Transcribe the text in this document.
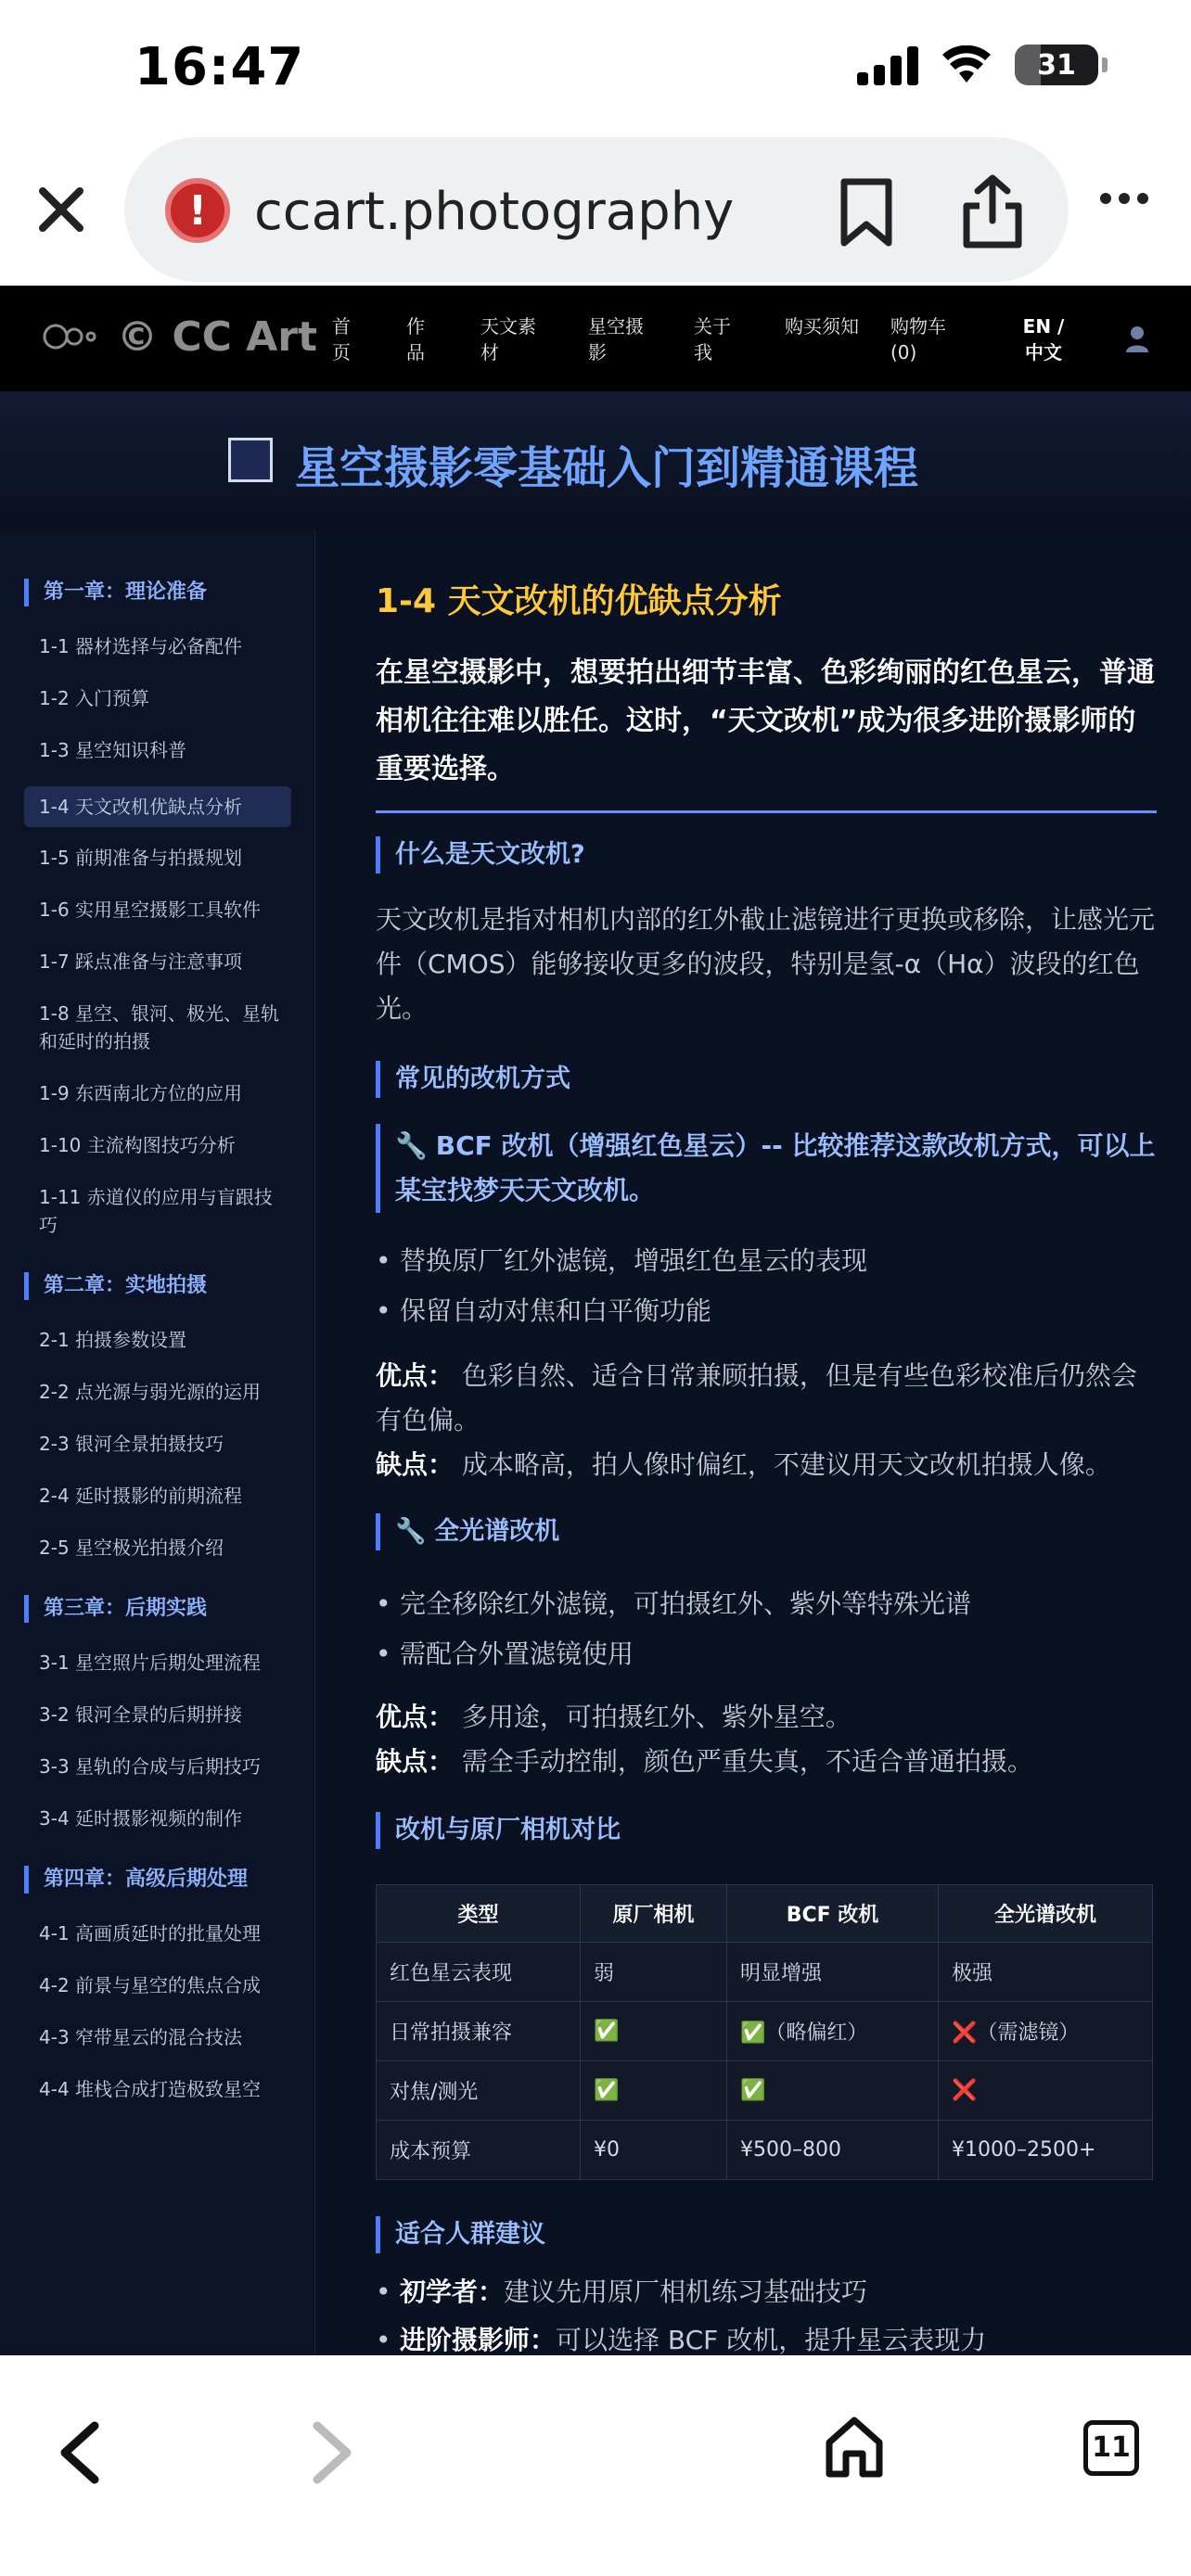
16:47	31
!
ccart.photography
© CC Art 首页
作品
天文素材
星空摄影
关于我
购买须知 购物车(0)
EN / 中文
星空摄影零基础入门到精通课程
第一章：理论准备
1-1 器材选择与必备配件
1-2 入门预算
1-3 星空知识科普
1-4 天文改机优缺点分析
1-5 前期准备与拍摄规划
1-6 实用星空摄影工具软件
1-7 踩点准备与注意事项
1-8 星空、银河、极光、星轨和延时的拍摄
1-9 东西南北方位的应用
1-10 主流构图技巧分析
1-11 赤道仪的应用与盲跟技巧
第二章：实地拍摄
2-1 拍摄参数设置
2-2 点光源与弱光源的运用
2-3 银河全景拍摄技巧
2-4 延时摄影的前期流程
2-5 星空极光拍摄介绍
第三章：后期实践
3-1 星空照片后期处理流程
3-2 银河全景的后期拼接
3-3 星轨的合成与后期技巧
3-4 延时摄影视频的制作
第四章：高级后期处理
4-1 高画质延时的批量处理
4-2 前景与星空的焦点合成
4-3 窄带星云的混合技法
4-4 堆栈合成打造极致星空
1-4 天文改机的优缺点分析
在星空摄影中，想要拍出细节丰富、色彩绚丽的红色星云，普通相机往往难以胜任。这时，“天文改机”成为很多进阶摄影师的重要选择。
什么是天文改机?
天文改机是指对相机内部的红外截止滤镜进行更换或移除，让感光元件（CMOS）能够接收更多的波段，特别是氢-α（Hα）波段的红色光。
常见的改机方式
🔧 BCF 改机（增强红色星云）-- 比较推荐这款改机方式，可以上某宝找梦天天文改机。
• 替换原厂红外滤镜，增强红色星云的表现
• 保留自动对焦和白平衡功能
优点： 色彩自然、适合日常兼顾拍摄，但是有些色彩校准后仍然会有色偏。
缺点： 成本略高，拍人像时偏红，不建议用天文改机拍摄人像。
🔧 全光谱改机
• 完全移除红外滤镜，可拍摄红外、紫外等特殊光谱
• 需配合外置滤镜使用
优点： 多用途，可拍摄红外、紫外星空。
缺点： 需全手动控制，颜色严重失真，不适合普通拍摄。
改机与原厂相机对比
类型	原厂相机	BCF 改机	全光谱改机
红色星云表现	弱	明显增强	极强
日常拍摄兼容	✅	✅（略偏红）	❌（需滤镜）
对焦/测光	✅	✅	❌
成本预算	¥0	¥500–800	¥1000–2500+
适合人群建议
• 初学者：建议先用原厂相机练习基础技巧
• 进阶摄影师：可以选择 BCF 改机，提升星云表现力
11
